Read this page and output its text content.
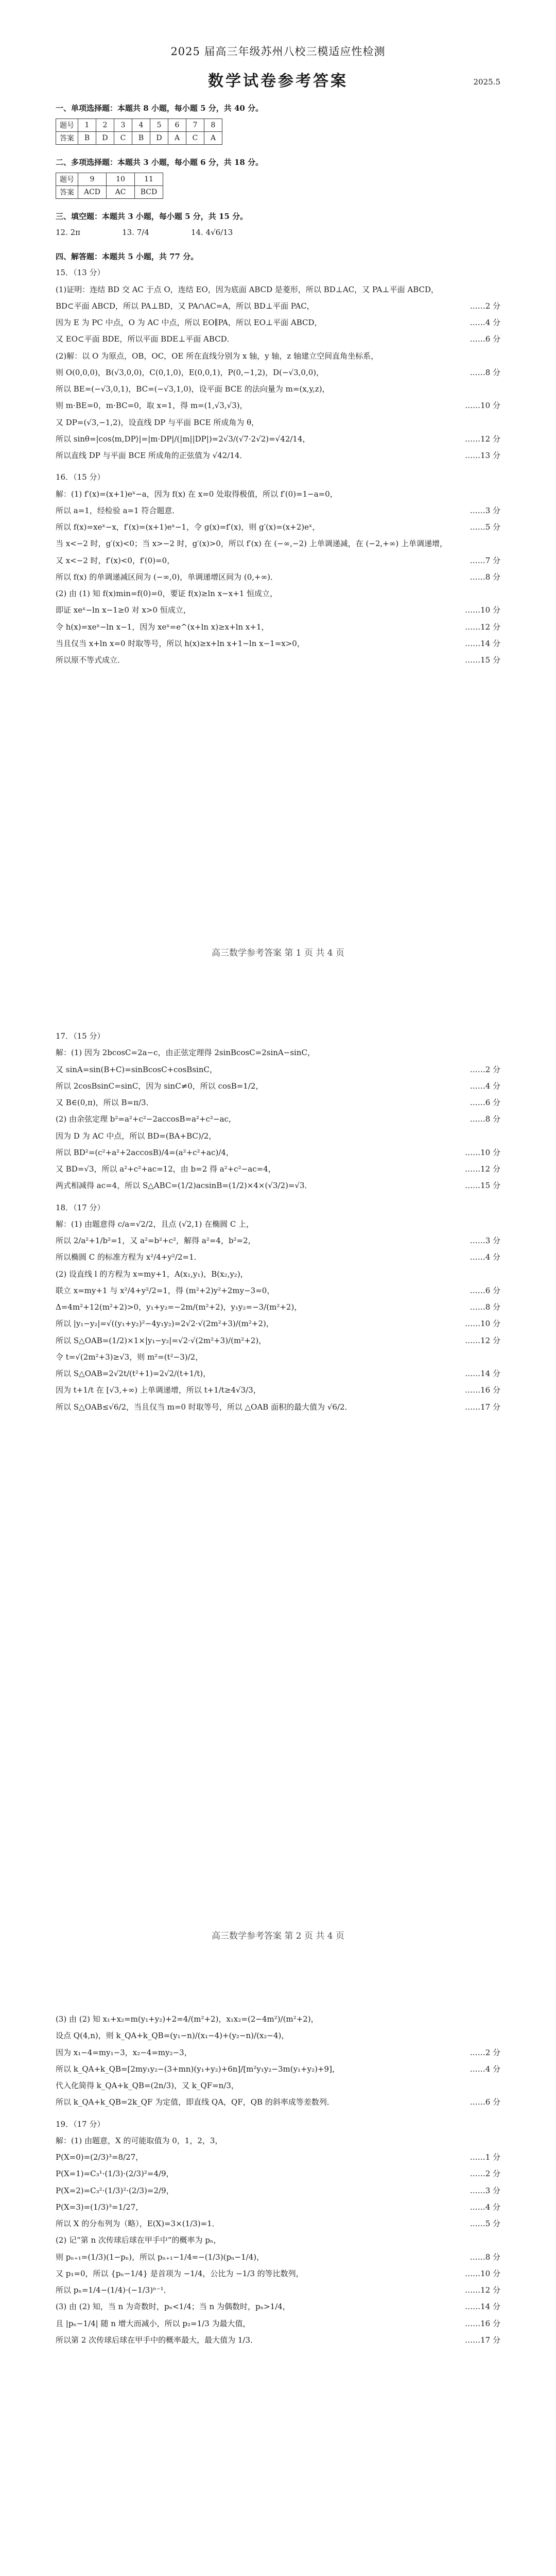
2025 届高三年级苏州八校三模适应性检测
数学试卷参考答案	2025.5
一、单项选择题：本题共 8 小题，每小题 5 分，共 40 分。
题号	1	2	3	4	5	6	7	8
答案	B	D	C	B	D	A	C	A
二、多项选择题：本题共 3 小题，每小题 6 分，共 18 分。
题号	9	10	11
答案	ACD	AC	BCD
三、填空题：本题共 3 小题，每小题 5 分，共 15 分。
12. 2π                 13. 7/4                 14. 4√6/13
四、解答题：本题共 5 小题，共 77 分。
15．（13 分）
(1)证明：连结 BD 交 AC 于点 O，连结 EO，因为底面 ABCD 是菱形，所以 BD⊥AC，又 PA⊥平面 ABCD，
BD⊂平面 ABCD，所以 PA⊥BD，又 PA∩AC=A，所以 BD⊥平面 PAC，	……2 分
因为 E 为 PC 中点，O 为 AC 中点，所以 EO∥PA，所以 EO⊥平面 ABCD，	……4 分
又 EO⊂平面 BDE，所以平面 BDE⊥平面 ABCD．	……6 分
(2)解：以 O 为原点，OB，OC，OE 所在直线分别为 x 轴，y 轴，z 轴建立空间直角坐标系，
则 O(0,0,0)，B(√3,0,0)，C(0,1,0)，E(0,0,1)，P(0,−1,2)，D(−√3,0,0)，	……8 分
所以 BE=(−√3,0,1)，BC=(−√3,1,0)，设平面 BCE 的法向量为 m=(x,y,z)，
则 m·BE=0，m·BC=0，取 x=1，得 m=(1,√3,√3)，	……10 分
又 DP=(√3,−1,2)，设直线 DP 与平面 BCE 所成角为 θ，
所以 sinθ=|cos⟨m,DP⟩|=|m·DP|/(|m||DP|)=2√3/(√7·2√2)=√42/14，	……12 分
所以直线 DP 与平面 BCE 所成角的正弦值为 √42/14．	……13 分
16．（15 分）
解：(1) f′(x)=(x+1)eˣ−a，因为 f(x) 在 x=0 处取得极值，所以 f′(0)=1−a=0，
所以 a=1，经检验 a=1 符合题意．	……3 分
所以 f(x)=xeˣ−x，f′(x)=(x+1)eˣ−1，令 g(x)=f′(x)，则 g′(x)=(x+2)eˣ，	……5 分
当 x<−2 时，g′(x)<0；当 x>−2 时，g′(x)>0，所以 f′(x) 在 (−∞,−2) 上单调递减，在 (−2,+∞) 上单调递增，
又 x<−2 时，f′(x)<0，f′(0)=0，	……7 分
所以 f(x) 的单调递减区间为 (−∞,0)，单调递增区间为 (0,+∞)．	……8 分
(2) 由 (1) 知 f(x)min=f(0)=0，要证 f(x)≥ln x−x+1 恒成立，
即证 xeˣ−ln x−1≥0 对 x>0 恒成立，	……10 分
令 h(x)=xeˣ−ln x−1，因为 xeˣ=e^(x+ln x)≥x+ln x+1，	……12 分
当且仅当 x+ln x=0 时取等号，所以 h(x)≥x+ln x+1−ln x−1=x>0，	……14 分
所以原不等式成立．	……15 分
高三数学参考答案 第 1 页 共 4 页
17．（15 分）
解：(1) 因为 2bcosC=2a−c，由正弦定理得 2sinBcosC=2sinA−sinC，
又 sinA=sin(B+C)=sinBcosC+cosBsinC，	……2 分
所以 2cosBsinC=sinC，因为 sinC≠0，所以 cosB=1/2，	……4 分
又 B∈(0,π)，所以 B=π/3．	……6 分
(2) 由余弦定理 b²=a²+c²−2accosB=a²+c²−ac，	……8 分
因为 D 为 AC 中点，所以 BD=(BA+BC)/2，
所以 BD²=(c²+a²+2accosB)/4=(a²+c²+ac)/4，	……10 分
又 BD=√3，所以 a²+c²+ac=12，由 b=2 得 a²+c²−ac=4，	……12 分
两式相减得 ac=4，所以 S△ABC=(1/2)acsinB=(1/2)×4×(√3/2)=√3．	……15 分
18．（17 分）
解：(1) 由题意得 c/a=√2/2，且点 (√2,1) 在椭圆 C 上，
所以 2/a²+1/b²=1，又 a²=b²+c²，解得 a²=4，b²=2，	……3 分
所以椭圆 C 的标准方程为 x²/4+y²/2=1．	……4 分
(2) 设直线 l 的方程为 x=my+1，A(x₁,y₁)，B(x₂,y₂)，
联立 x=my+1 与 x²/4+y²/2=1，得 (m²+2)y²+2my−3=0，	……6 分
Δ=4m²+12(m²+2)>0，y₁+y₂=−2m/(m²+2)，y₁y₂=−3/(m²+2)，	……8 分
所以 |y₁−y₂|=√((y₁+y₂)²−4y₁y₂)=2√2·√(2m²+3)/(m²+2)，	……10 分
所以 S△OAB=(1/2)×1×|y₁−y₂|=√2·√(2m²+3)/(m²+2)，	……12 分
令 t=√(2m²+3)≥√3，则 m²=(t²−3)/2，
所以 S△OAB=2√2t/(t²+1)=2√2/(t+1/t)，	……14 分
因为 t+1/t 在 [√3,+∞) 上单调递增，所以 t+1/t≥4√3/3，	……16 分
所以 S△OAB≤√6/2，当且仅当 m=0 时取等号，所以 △OAB 面积的最大值为 √6/2．	……17 分
高三数学参考答案 第 2 页 共 4 页
(3) 由 (2) 知 x₁+x₂=m(y₁+y₂)+2=4/(m²+2)，x₁x₂=(2−4m²)/(m²+2)，
设点 Q(4,n)，则 k_QA+k_QB=(y₁−n)/(x₁−4)+(y₂−n)/(x₂−4)，
因为 x₁−4=my₁−3，x₂−4=my₂−3，	……2 分
所以 k_QA+k_QB=[2my₁y₂−(3+mn)(y₁+y₂)+6n]/[m²y₁y₂−3m(y₁+y₂)+9]，	……4 分
代入化简得 k_QA+k_QB=(2n/3)，又 k_QF=n/3，
所以 k_QA+k_QB=2k_QF 为定值，即直线 QA，QF，QB 的斜率成等差数列．	……6 分
19．（17 分）
解：(1) 由题意，X 的可能取值为 0，1，2，3，
P(X=0)=(2/3)³=8/27，	……1 分
P(X=1)=C₃¹·(1/3)·(2/3)²=4/9，	……2 分
P(X=2)=C₃²·(1/3)²·(2/3)=2/9，	……3 分
P(X=3)=(1/3)³=1/27，	……4 分
所以 X 的分布列为（略），E(X)=3×(1/3)=1．	……5 分
(2) 记“第 n 次传球后球在甲手中”的概率为 pₙ，
则 pₙ₊₁=(1/3)(1−pₙ)，所以 pₙ₊₁−1/4=−(1/3)(pₙ−1/4)，	……8 分
又 p₁=0，所以 {pₙ−1/4} 是首项为 −1/4，公比为 −1/3 的等比数列，	……10 分
所以 pₙ=1/4−(1/4)·(−1/3)ⁿ⁻¹．	……12 分
(3) 由 (2) 知，当 n 为奇数时，pₙ<1/4；当 n 为偶数时，pₙ>1/4，	……14 分
且 |pₙ−1/4| 随 n 增大而减小，所以 p₂=1/3 为最大值，	……16 分
所以第 2 次传球后球在甲手中的概率最大，最大值为 1/3．	……17 分
